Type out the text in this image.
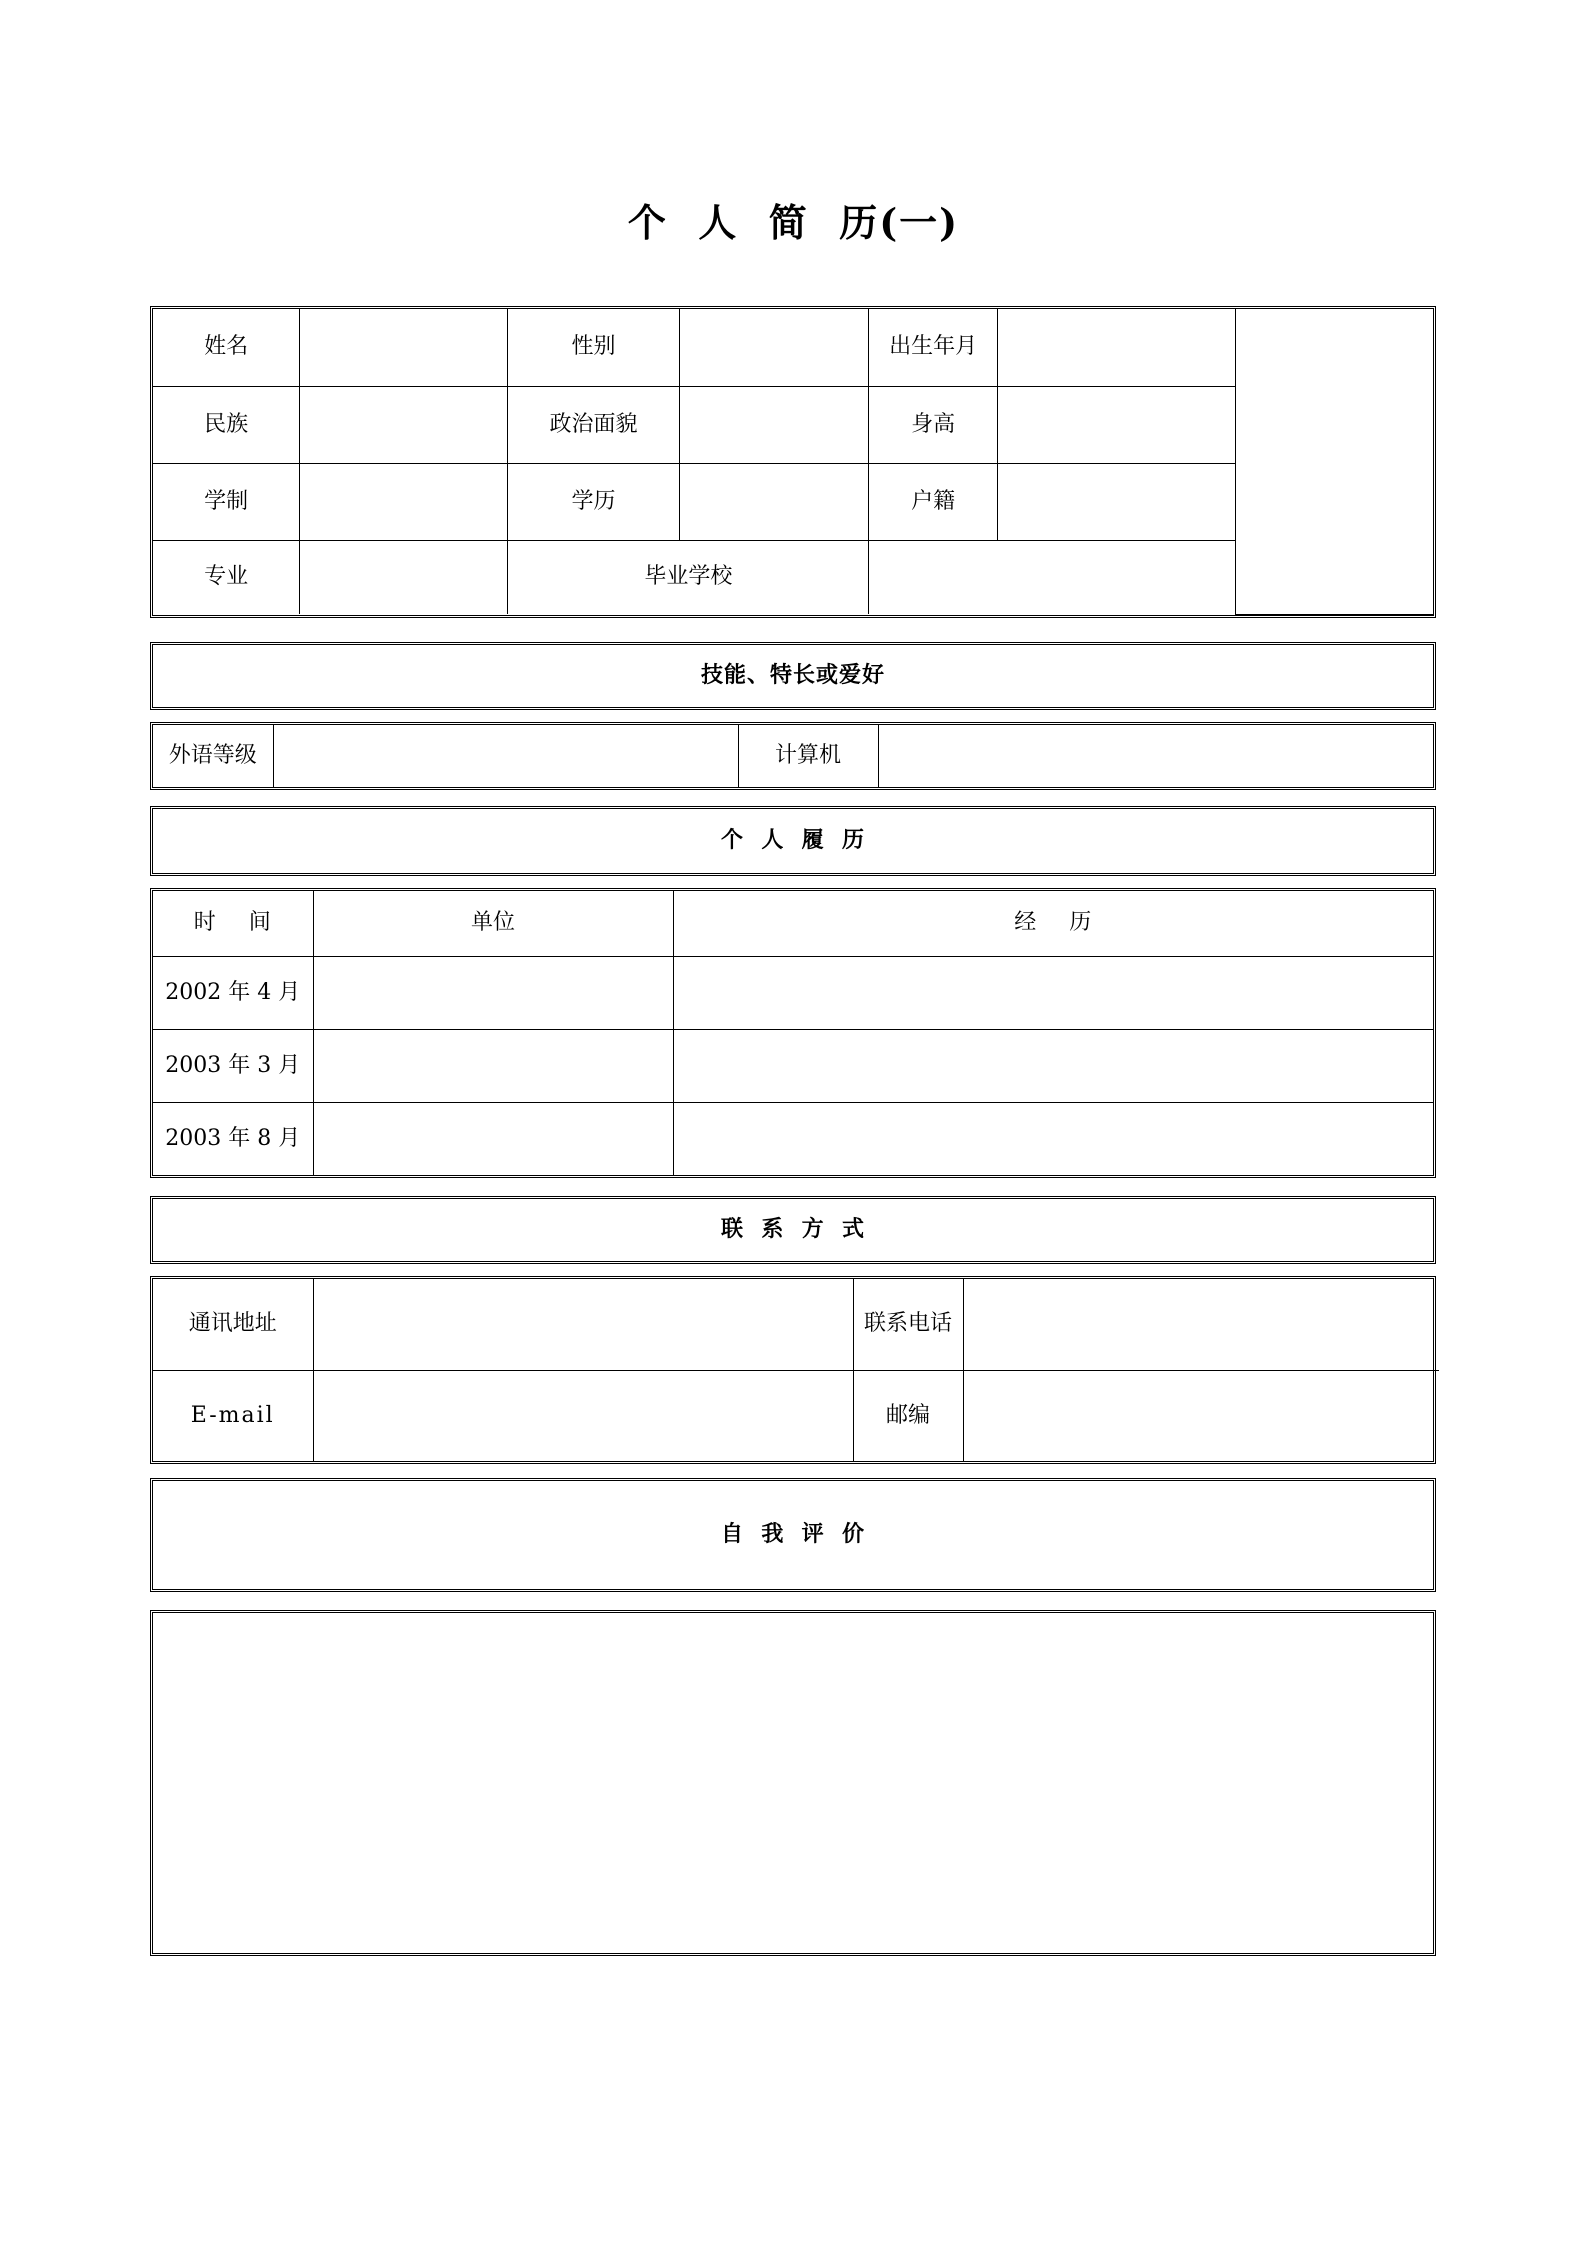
个  人  简  历(一)
姓名		性别		出生年月		
民族		政治面貌		身高		
学制		学历		户籍		
专业		毕业学校				
技能、特长或爱好
外语等级		计算机	
个  人  履  历
时    间	单位	经    历
2002 年 4 月		
2003 年 3 月		
2003 年 8 月		
联  系  方  式
通讯地址		联系电话	
E-mail		邮编	
自  我  评  价
